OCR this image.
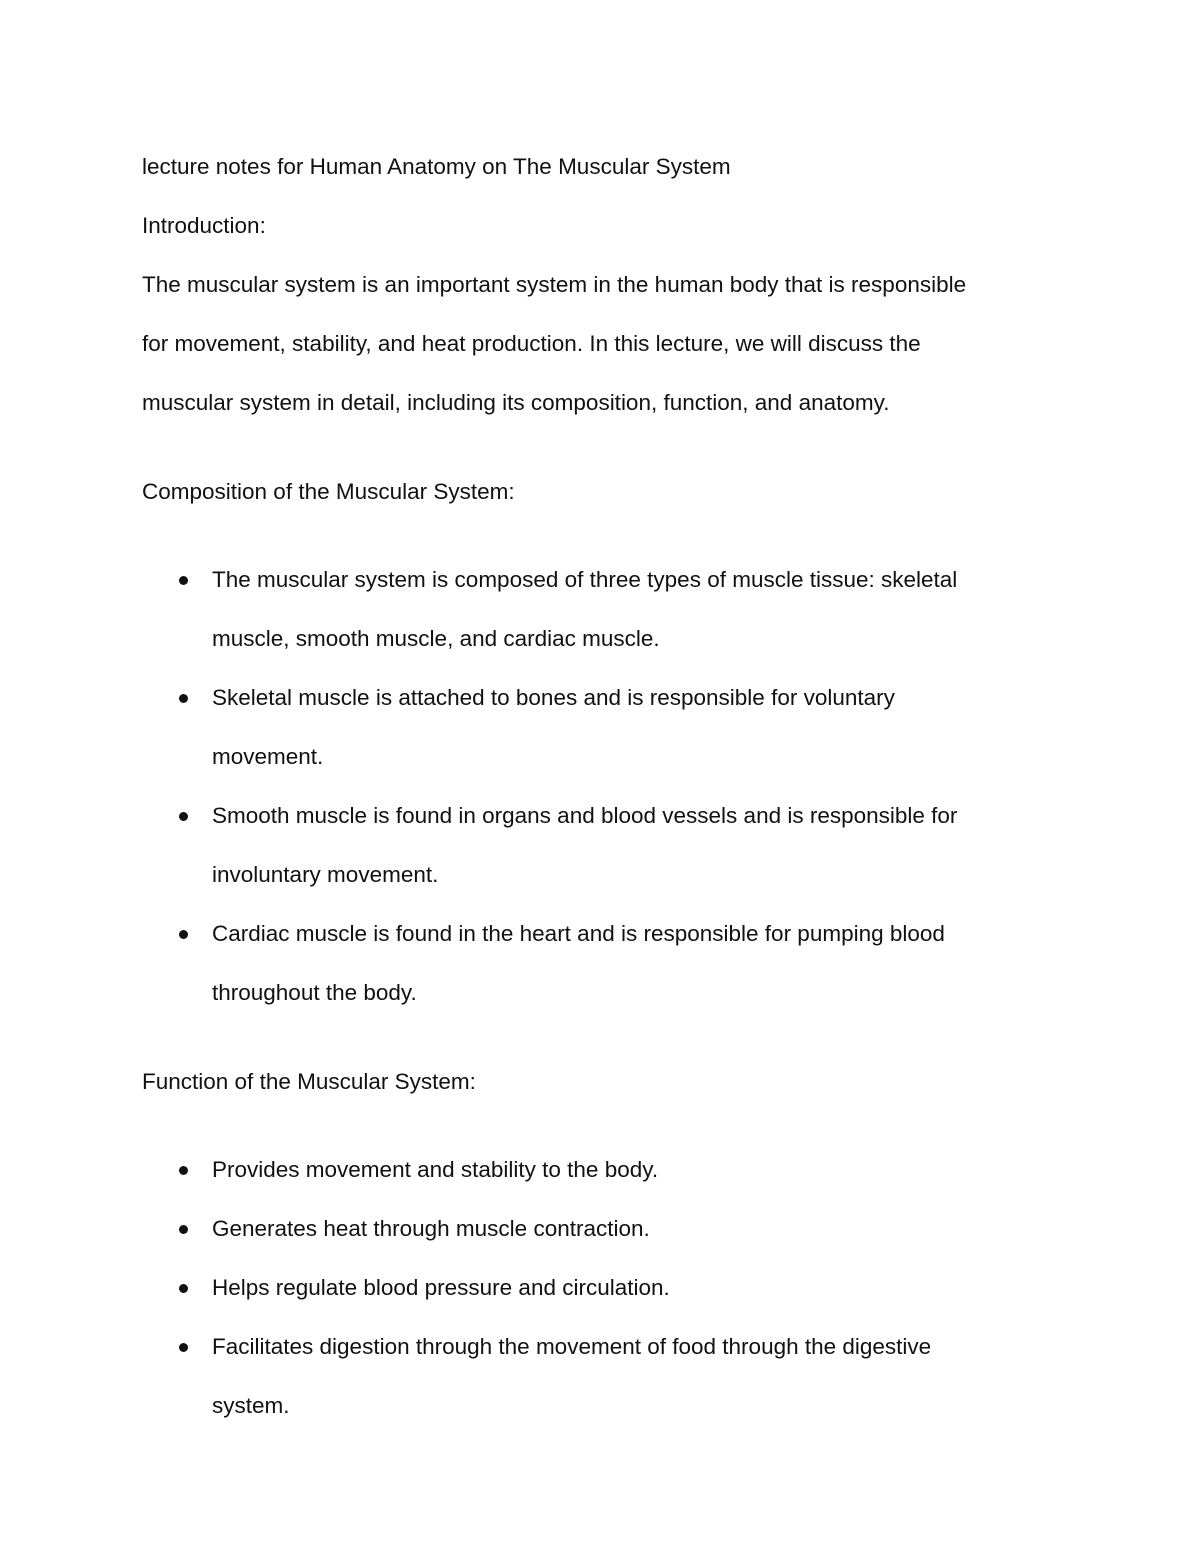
lecture notes for Human Anatomy on The Muscular System

Introduction:

The muscular system is an important system in the human body that is responsible

for movement, stability, and heat production. In this lecture, we will discuss the

muscular system in detail, including its composition, function, and anatomy.

Composition of the Muscular System:

The muscular system is composed of three types of muscle tissue: skeletal
muscle, smooth muscle, and cardiac muscle.
Skeletal muscle is attached to bones and is responsible for voluntary
movement.
Smooth muscle is found in organs and blood vessels and is responsible for
involuntary movement.
Cardiac muscle is found in the heart and is responsible for pumping blood
throughout the body.

Function of the Muscular System:

Provides movement and stability to the body.
Generates heat through muscle contraction.
Helps regulate blood pressure and circulation.
Facilitates digestion through the movement of food through the digestive
system.
